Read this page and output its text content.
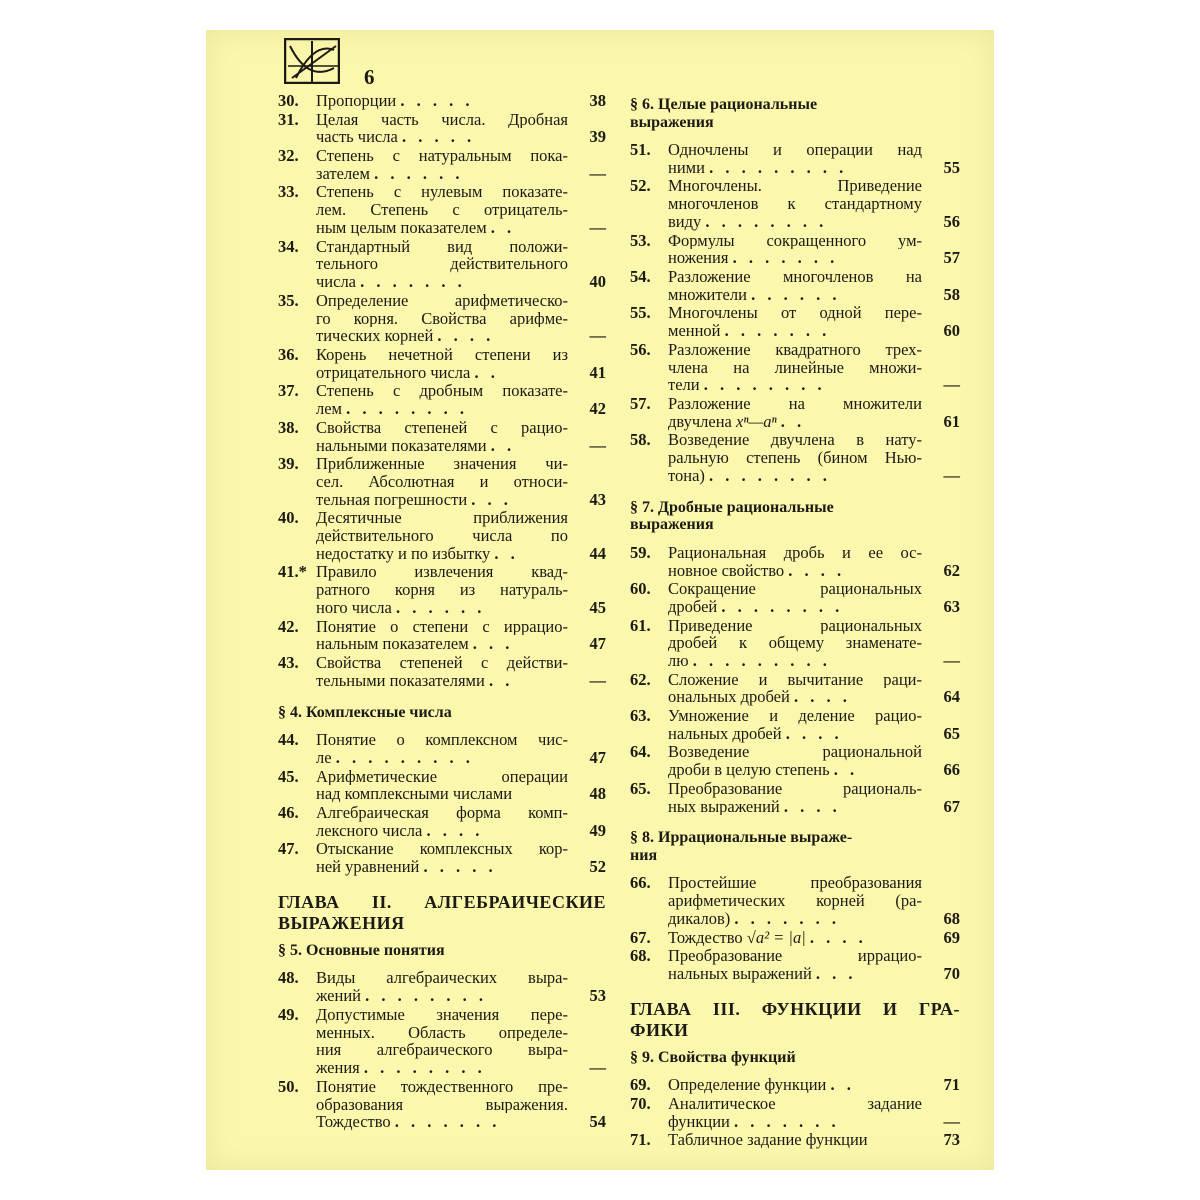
6
30.	Пропорции . . . . .	38
31.	Целая часть числа. Дробная
часть числа . . . . .	39
32.	Степень с натуральным пока-
зателем . . . . . .	—
33.	Степень с нулевым показате-
лем. Степень с отрицатель-
ным целым показателем . .	—
34.	Стандартный вид положи-
тельного действительного
числа . . . . . . .	40
35.	Определение арифметическо-
го корня. Свойства арифме-
тических корней . . . .	—
36.	Корень нечетной степени из
отрицательного числа . .	41
37.	Степень с дробным показате-
лем . . . . . . . .	42
38.	Свойства степеней с рацио-
нальными показателями . .	—
39.	Приближенные значения чи-
сел. Абсолютная и относи-
тельная погрешности . . .	43
40.	Десятичные приближения
действительного числа по
недостатку и по избытку . .	44
41.* Правило извлечения квад-
ратного корня из натураль-
ного числа . . . . . .	45
42.	Понятие о степени с иррацио-
нальным показателем . . .	47
43.	Свойства степеней с действи-
тельными показателями . .	—
§ 4. Комплексные числа
44.	Понятие о комплексном чис-
ле . . . . . . . . .	47
45.	Арифметические операции
над комплексными числами	48
46.	Алгебраическая форма комп-
лексного числа . . . .	49
47.	Отыскание комплексных кор-
ней уравнений . . . . .	52
ГЛАВА II. АЛГЕБРАИЧЕСКИЕ
ВЫРАЖЕНИЯ
§ 5. Основные понятия
48.	Виды алгебраических выра-
жений . . . . . . . .	53
49.	Допустимые значения пере-
менных. Область определе-
ния алгебраического выра-
жения . . . . . . . .	—
50.	Понятие тождественного пре-
образования выражения.
Тождество . . . . . . .	54
§ 6. Целые рациональные
выражения
51.	Одночлены и операции над
ними . . . . . . . . .	55
52.	Многочлены. Приведение
многочленов к стандартному
виду . . . . . . . .	56
53.	Формулы сокращенного ум-
ножения . . . . . . .	57
54.	Разложение многочленов на
множители . . . . . .	58
55.	Многочлены от одной пере-
менной . . . . . . .	60
56.	Разложение квадратного трех-
члена на линейные множи-
тели . . . . . . . .	—
57.	Разложение на множители
двучлена xⁿ—aⁿ . .	61
58.	Возведение двучлена в нату-
ральную степень (бином Нью-
тона) . . . . . . . .	—
§ 7. Дробные рациональные
выражения
59.	Рациональная дробь и ее ос-
новное свойство . . . .	62
60.	Сокращение рациональных
дробей . . . . . . . .	63
61.	Приведение рациональных
дробей к общему знаменате-
лю . . . . . . . . .	—
62.	Сложение и вычитание раци-
ональных дробей . . . .	64
63.	Умножение и деление рацио-
нальных дробей . . . .	65
64.	Возведение рациональной
дроби в целую степень . .	66
65.	Преобразование рациональ-
ных выражений . . . .	67
§ 8. Иррациональные выраже-
ния
66.	Простейшие преобразования
арифметических корней (ра-
дикалов) . . . . . . .	68
67.	Тождество √a² = |a| . . . .	69
68.	Преобразование иррацио-
нальных выражений . . .	70
ГЛАВА III. ФУНКЦИИ И ГРА-
ФИКИ
§ 9. Свойства функций
69.	Определение функции . .	71
70.	Аналитическое задание
функции . . . . . . .	—
71.	Табличное задание функции	73
